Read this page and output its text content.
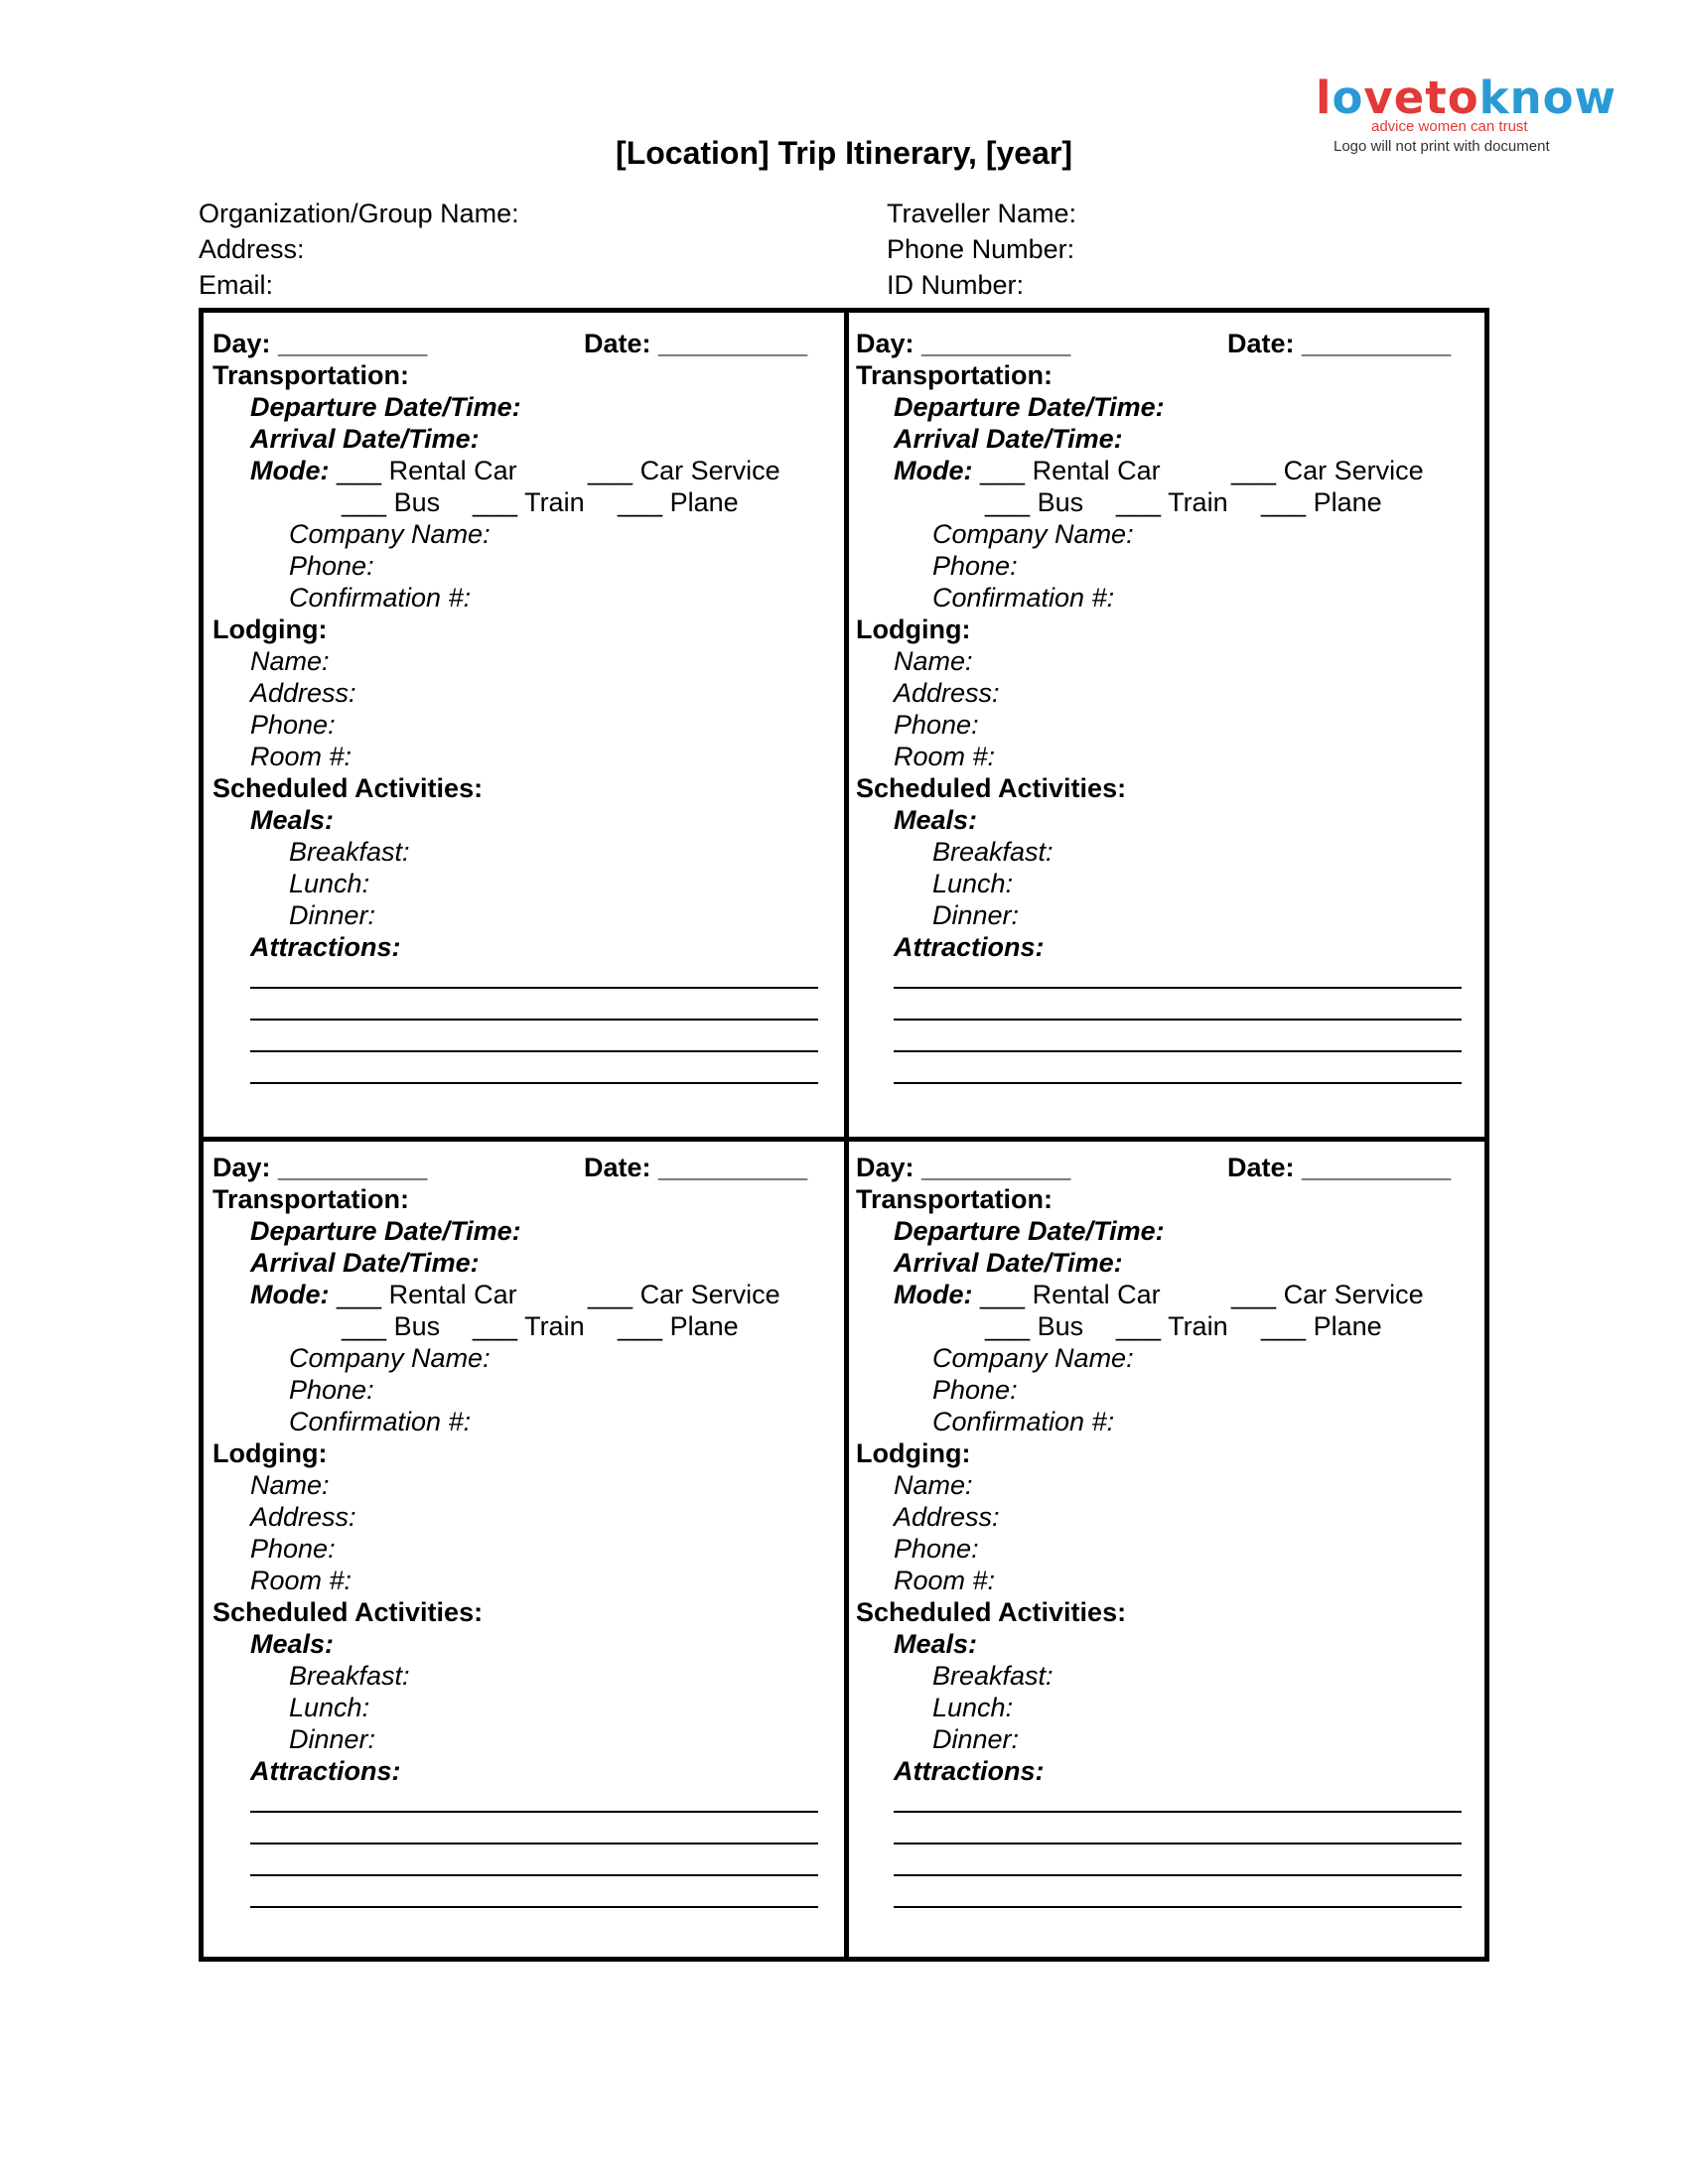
lovetoknow
advice women can trust
Logo will not print with document
[Location] Trip Itinerary, [year]
Organization/Group Name:
Address:
Email:
Traveller Name:
Phone Number:
ID Number:
Day: __________	Date: __________
Transportation:
Departure Date/Time:
Arrival Date/Time:
Mode: ___ Rental Car	___ Car Service
___ Bus ___ Train ___ Plane
Company Name:
Phone:
Confirmation #:
Lodging:
Name:
Address:
Phone:
Room #:
Scheduled Activities:
Meals:
Breakfast:
Lunch:
Dinner:
Attractions:
Day: __________	Date: __________
Transportation:
Departure Date/Time:
Arrival Date/Time:
Mode: ___ Rental Car	___ Car Service
___ Bus ___ Train ___ Plane
Company Name:
Phone:
Confirmation #:
Lodging:
Name:
Address:
Phone:
Room #:
Scheduled Activities:
Meals:
Breakfast:
Lunch:
Dinner:
Attractions:
Day: __________	Date: __________
Transportation:
Departure Date/Time:
Arrival Date/Time:
Mode: ___ Rental Car	___ Car Service
___ Bus ___ Train ___ Plane
Company Name:
Phone:
Confirmation #:
Lodging:
Name:
Address:
Phone:
Room #:
Scheduled Activities:
Meals:
Breakfast:
Lunch:
Dinner:
Attractions:
Day: __________	Date: __________
Transportation:
Departure Date/Time:
Arrival Date/Time:
Mode: ___ Rental Car	___ Car Service
___ Bus ___ Train ___ Plane
Company Name:
Phone:
Confirmation #:
Lodging:
Name:
Address:
Phone:
Room #:
Scheduled Activities:
Meals:
Breakfast:
Lunch:
Dinner:
Attractions:
